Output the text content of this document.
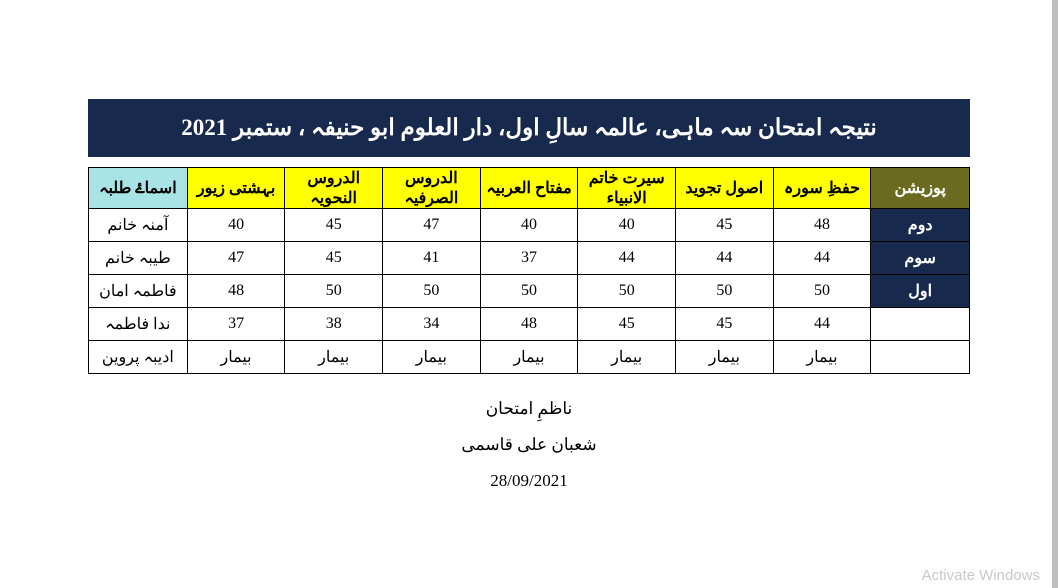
نتیجہ امتحان سہ ماہی، عالمہ سالِ اول، دار العلوم ابو حنیفہ ، ستمبر 2021
پوزیشن	حفظِ سورہ	اصول تجوید	سیرت خاتم الانبیاء	مفتاح العربیہ	الدروس الصرفیہ	الدروس النحویہ	بہشتی زیور	اسماۓ طلبہ
دوم	48	45	40	40	47	45	40	آمنہ خانم
سوم	44	44	44	37	41	45	47	طیبہ خانم
اول	50	50	50	50	50	50	48	فاطمہ امان
	44	45	45	48	34	38	37	ندا فاطمہ
	بیمار	بیمار	بیمار	بیمار	بیمار	بیمار	بیمار	ادیبہ پروین
ناظمِ امتحان
شعبان علی قاسمی
28/09/2021
Activate Windows
